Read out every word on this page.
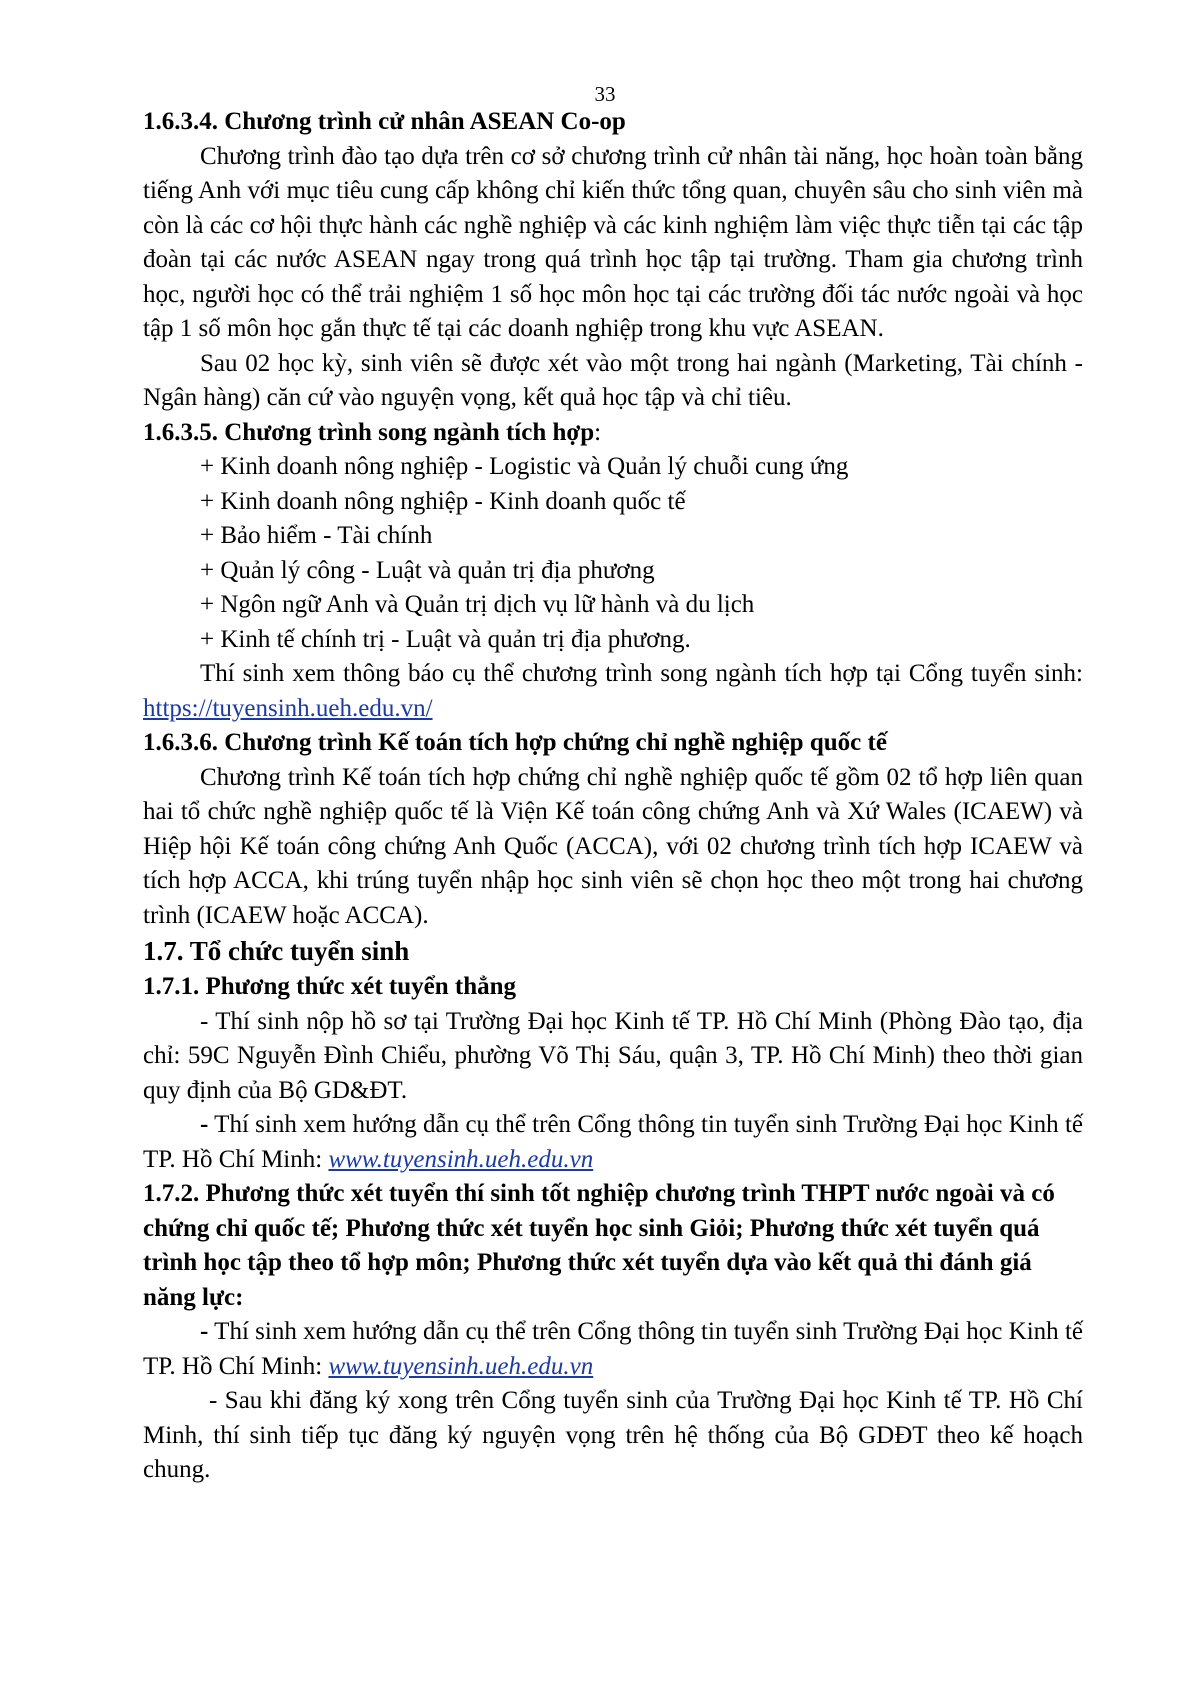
33
1.6.3.4. Chương trình cử nhân ASEAN Co-op

Chương trình đào tạo dựa trên cơ sở chương trình cử nhân tài năng, học hoàn toàn bằng tiếng Anh với mục tiêu cung cấp không chỉ kiến thức tổng quan, chuyên sâu cho sinh viên mà còn là các cơ hội thực hành các nghề nghiệp và các kinh nghiệm làm việc thực tiễn tại các tập đoàn tại các nước ASEAN ngay trong quá trình học tập tại trường. Tham gia chương trình học, người học có thể trải nghiệm 1 số học môn học tại các trường đối tác nước ngoài và học tập 1 số môn học gắn thực tế tại các doanh nghiệp trong khu vực ASEAN.

Sau 02 học kỳ, sinh viên sẽ được xét vào một trong hai ngành (Marketing, Tài chính - Ngân hàng) căn cứ vào nguyện vọng, kết quả học tập và chỉ tiêu.

1.6.3.5. Chương trình song ngành tích hợp:
+ Kinh doanh nông nghiệp - Logistic và Quản lý chuỗi cung ứng
+ Kinh doanh nông nghiệp - Kinh doanh quốc tế
+ Bảo hiểm - Tài chính
+ Quản lý công - Luật và quản trị địa phương
+ Ngôn ngữ Anh và Quản trị dịch vụ lữ hành và du lịch
+ Kinh tế chính trị - Luật và quản trị địa phương.

Thí sinh xem thông báo cụ thể chương trình song ngành tích hợp tại Cổng tuyển sinh: https://tuyensinh.ueh.edu.vn/

1.6.3.6. Chương trình Kế toán tích hợp chứng chỉ nghề nghiệp quốc tế

Chương trình Kế toán tích hợp chứng chỉ nghề nghiệp quốc tế gồm 02 tổ hợp liên quan hai tổ chức nghề nghiệp quốc tế là Viện Kế toán công chứng Anh và Xứ Wales (ICAEW) và Hiệp hội Kế toán công chứng Anh Quốc (ACCA), với 02 chương trình tích hợp ICAEW và tích hợp ACCA, khi trúng tuyển nhập học sinh viên sẽ chọn học theo một trong hai chương trình (ICAEW hoặc ACCA).

1.7. Tổ chức tuyển sinh
1.7.1. Phương thức xét tuyển thẳng

- Thí sinh nộp hồ sơ tại Trường Đại học Kinh tế TP. Hồ Chí Minh (Phòng Đào tạo, địa chỉ: 59C Nguyễn Đình Chiểu, phường Võ Thị Sáu, quận 3, TP. Hồ Chí Minh) theo thời gian quy định của Bộ GD&ĐT.

- Thí sinh xem hướng dẫn cụ thể trên Cổng thông tin tuyển sinh Trường Đại học Kinh tế TP. Hồ Chí Minh: www.tuyensinh.ueh.edu.vn

1.7.2. Phương thức xét tuyển thí sinh tốt nghiệp chương trình THPT nước ngoài và có chứng chỉ quốc tế; Phương thức xét tuyển học sinh Giỏi; Phương thức xét tuyển quá trình học tập theo tổ hợp môn; Phương thức xét tuyển dựa vào kết quả thi đánh giá năng lực:

- Thí sinh xem hướng dẫn cụ thể trên Cổng thông tin tuyển sinh Trường Đại học Kinh tế TP. Hồ Chí Minh: www.tuyensinh.ueh.edu.vn

- Sau khi đăng ký xong trên Cổng tuyển sinh của Trường Đại học Kinh tế TP. Hồ Chí Minh, thí sinh tiếp tục đăng ký nguyện vọng trên hệ thống của Bộ GDĐT theo kế hoạch chung.
